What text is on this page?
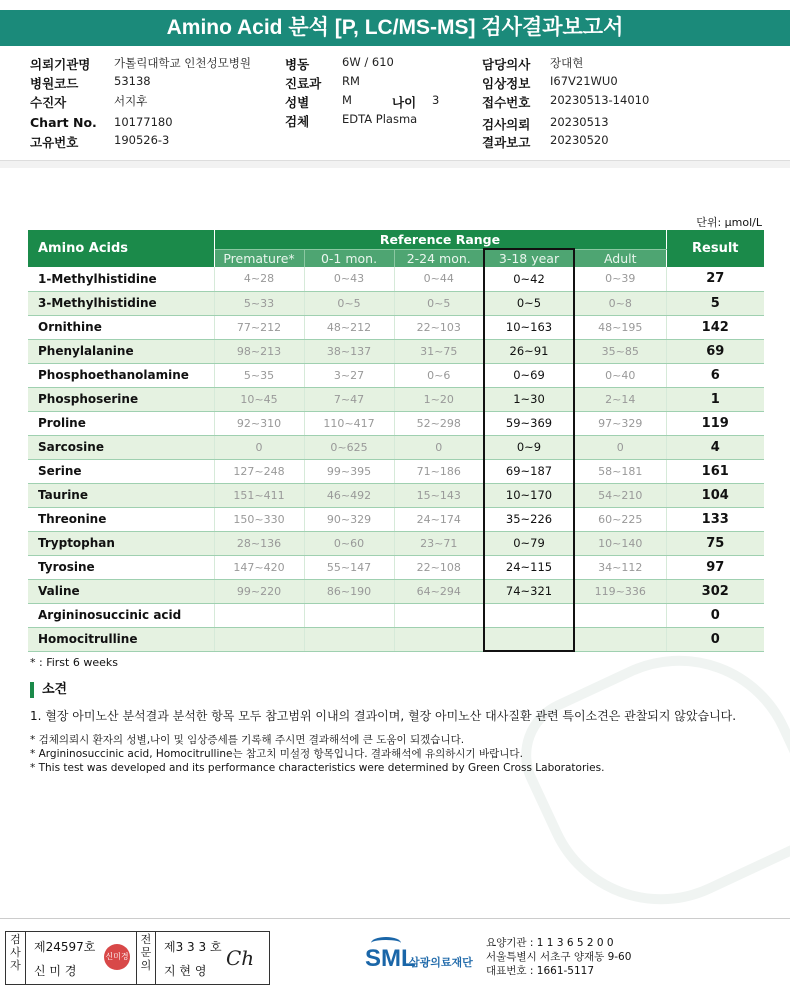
Amino Acid 분석 [P, LC/MS-MS] 검사결과보고서
의뢰기관명 가톨릭대학교 인천성모병원	병동	6W / 610	담당의사 장대현
병원코드	53138	진료과 RM	임상정보 I67V21WU0
수진자	서지후	성별	M	나이 3	접수번호 20230513-14010
Chart No. 10177180	검체	EDTA Plasma	검사의뢰 20230513
고유번호	190526-3	결과보고 20230520
단위: μmol/L
Amino Acids	Reference Range					Result
	Premature*	0-1 mon.	2-24 mon.	3-18 year	Adult	
1-Methylhistidine	4~28	0~43	0~44	0~42	0~39	27
3-Methylhistidine	5~33	0~5	0~5	0~5	0~8	5
Ornithine	77~212	48~212	22~103	10~163	48~195	142
Phenylalanine	98~213	38~137	31~75	26~91	35~85	69
Phosphoethanolamine	5~35	3~27	0~6	0~69	0~40	6
Phosphoserine	10~45	7~47	1~20	1~30	2~14	1
Proline	92~310	110~417	52~298	59~369	97~329	119
Sarcosine	0	0~625	0	0~9	0	4
Serine	127~248	99~395	71~186	69~187	58~181	161
Taurine	151~411	46~492	15~143	10~170	54~210	104
Threonine	150~330	90~329	24~174	35~226	60~225	133
Tryptophan	28~136	0~60	23~71	0~79	10~140	75
Tyrosine	147~420	55~147	22~108	24~115	34~112	97
Valine	99~220	86~190	64~294	74~321	119~336	302
Argininosuccinic acid						0
Homocitrulline						0
* : First 6 weeks
소견
1. 혈장 아미노산 분석결과 분석한 항목 모두 참고범위 이내의 결과이며, 혈장 아미노산 대사질환 관련 특이소견은 관찰되지 않았습니다.
* 검체의뢰시 환자의 성별,나이 및 임상증세를 기록해 주시면 결과해석에 큰 도움이 되겠습니다.
* Argininosuccinic acid, Homocitrulline는 참고치 미설정 항목입니다. 결과해석에 유의하시기 바랍니다.
* This test was developed and its performance characteristics were determined by Green Cross Laboratories.
검사자
제24597호
신 미 경
신미경
전문의
제3 3 3 호
지 현 영
Ch	SML
삼광의료재단
요양기관 : 1 1 3 6 5 2 0 0
서울특별시 서초구 양재동 9-60
대표번호 : 1661-5117
